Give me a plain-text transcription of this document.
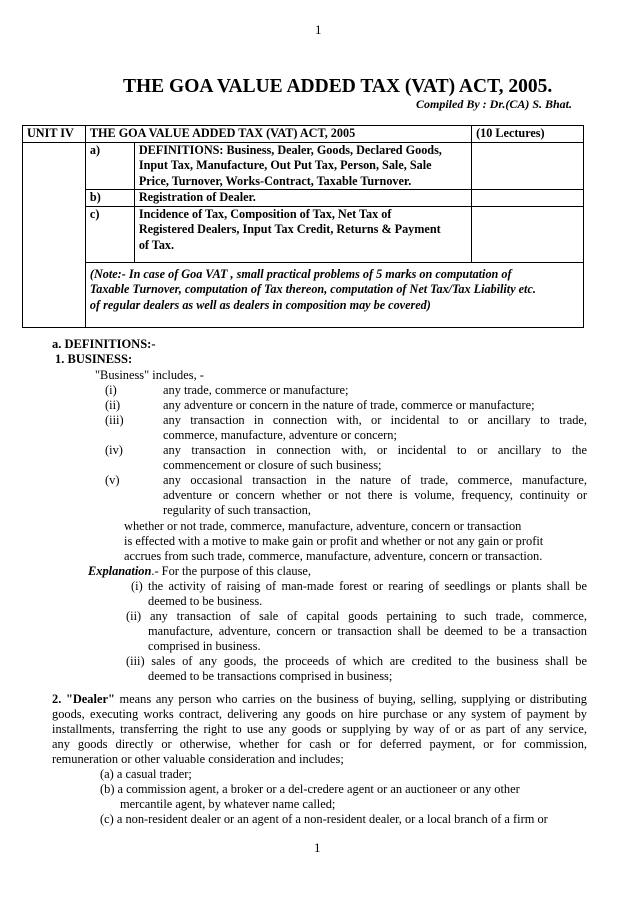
1
THE GOA VALUE ADDED TAX (VAT) ACT, 2005.
Compiled By : Dr.(CA) S. Bhat.
UNIT IV	THE GOA VALUE ADDED TAX (VAT) ACT, 2005		(10 Lectures)
	a)	DEFINITIONS: Business, Dealer, Goods, Declared Goods,
Input Tax, Manufacture, Out Put Tax, Person, Sale, Sale
Price, Turnover, Works-Contract, Taxable Turnover.	

	b)	Registration of Dealer.	

	c)	Incidence of Tax, Composition of Tax, Net Tax of
Registered Dealers, Input Tax Credit, Returns & Payment
of Tax.	

	(Note:- In case of Goa VAT , small practical problems of 5 marks on computation of
Taxable Turnover, computation of Tax thereon, computation of Net Tax/Tax Liability etc.
of regular dealers as well as dealers in composition may be covered)		
a. DEFINITIONS:-
1. BUSINESS:
"Business" includes, -
(i)	any trade, commerce or manufacture;
(ii)	any adventure or concern in the nature of trade, commerce or manufacture;
(iii)	any transaction in connection with, or incidental to or ancillary to trade,
commerce, manufacture, adventure or concern;
(iv)	any transaction in connection with, or incidental to or ancillary to the
commencement or closure of such business;
(v)	any occasional transaction in the nature of trade, commerce, manufacture,
adventure or concern whether or not there is volume, frequency, continuity or
regularity of such transaction,
whether or not trade, commerce, manufacture, adventure, concern or transaction
is effected with a motive to make gain or profit and whether or not any gain or profit
accrues from such trade, commerce, manufacture, adventure, concern or transaction.
Explanation.- For the purpose of this clause,
(i) the activity of raising of man-made forest or rearing of seedlings or plants shall be
deemed to be business.
(ii) any transaction of sale of capital goods pertaining to such trade, commerce,
manufacture, adventure, concern or transaction shall be deemed to be a transaction
comprised in business.
(iii) sales of any goods, the proceeds of which are credited to the business shall be
deemed to be transactions comprised in business;
2. "Dealer" means any person who carries on the business of buying, selling, supplying or distributing
goods, executing works contract, delivering any goods on hire purchase or any system of payment by
installments, transferring the right to use any goods or supplying by way of or as part of any service,
any goods directly or otherwise, whether for cash or for deferred payment, or for commission,
remuneration or other valuable consideration and includes;
(a) a casual trader;
(b) a commission agent, a broker or a del-credere agent or an auctioneer or any other
mercantile agent, by whatever name called;
(c) a non-resident dealer or an agent of a non-resident dealer, or a local branch of a firm or
1
